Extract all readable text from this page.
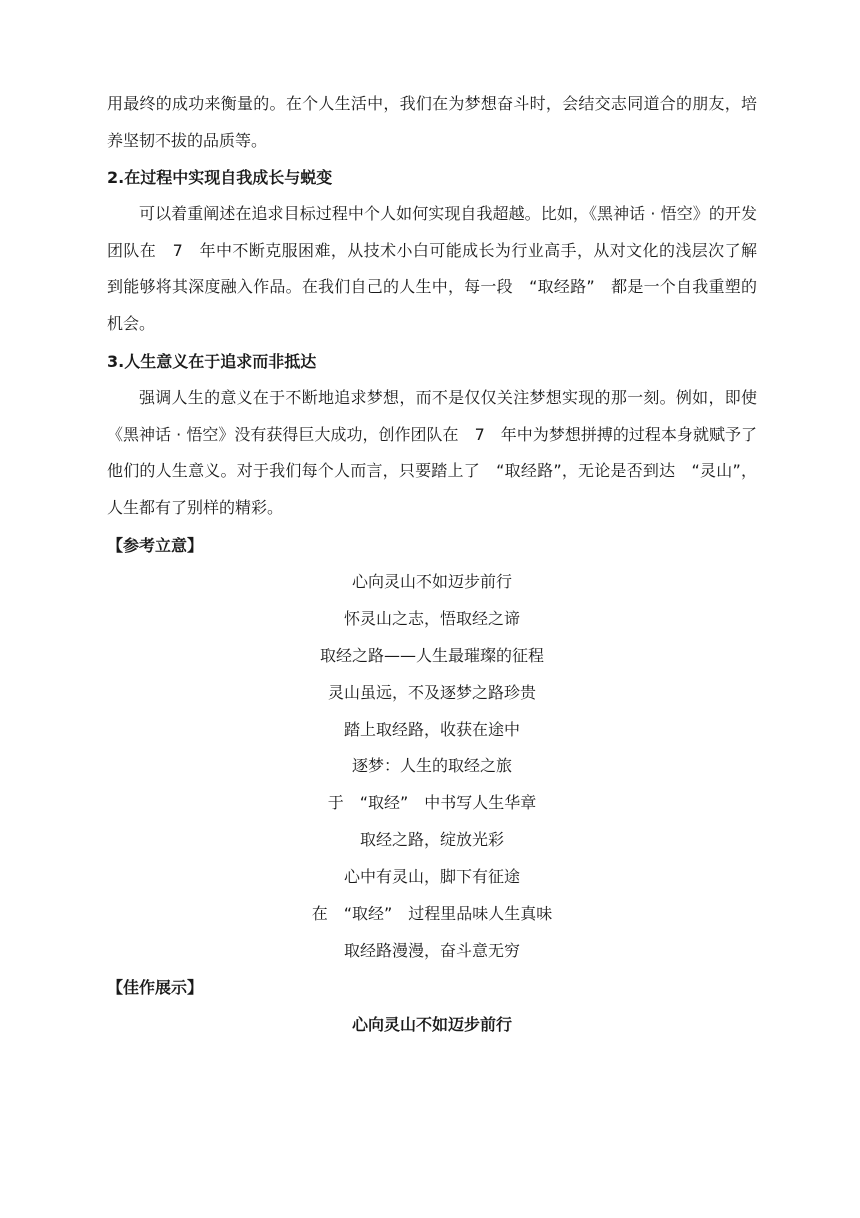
用最终的成功来衡量的。在个人生活中，我们在为梦想奋斗时，会结交志同道合的朋友，培养坚韧不拔的品质等。

2.在过程中实现自我成长与蜕变

可以着重阐述在追求目标过程中个人如何实现自我超越。比如，《黑神话 · 悟空》的开发团队在　7　年中不断克服困难，从技术小白可能成长为行业高手，从对文化的浅层次了解到能够将其深度融入作品。在我们自己的人生中，每一段　“取经路”　都是一个自我重塑的机会。

3.人生意义在于追求而非抵达

强调人生的意义在于不断地追求梦想，而不是仅仅关注梦想实现的那一刻。例如，即使《黑神话 · 悟空》没有获得巨大成功，创作团队在　7　年中为梦想拼搏的过程本身就赋予了他们的人生意义。对于我们每个人而言，只要踏上了　“取经路”，无论是否到达　“灵山”，人生都有了别样的精彩。

【参考立意】
心向灵山不如迈步前行
怀灵山之志，悟取经之谛
取经之路——人生最璀璨的征程
灵山虽远，不及逐梦之路珍贵
踏上取经路，收获在途中
逐梦：人生的取经之旅
于　“取经”　中书写人生华章
取经之路，绽放光彩
心中有灵山，脚下有征途
在　“取经”　过程里品味人生真味
取经路漫漫，奋斗意无穷
【佳作展示】
心向灵山不如迈步前行
